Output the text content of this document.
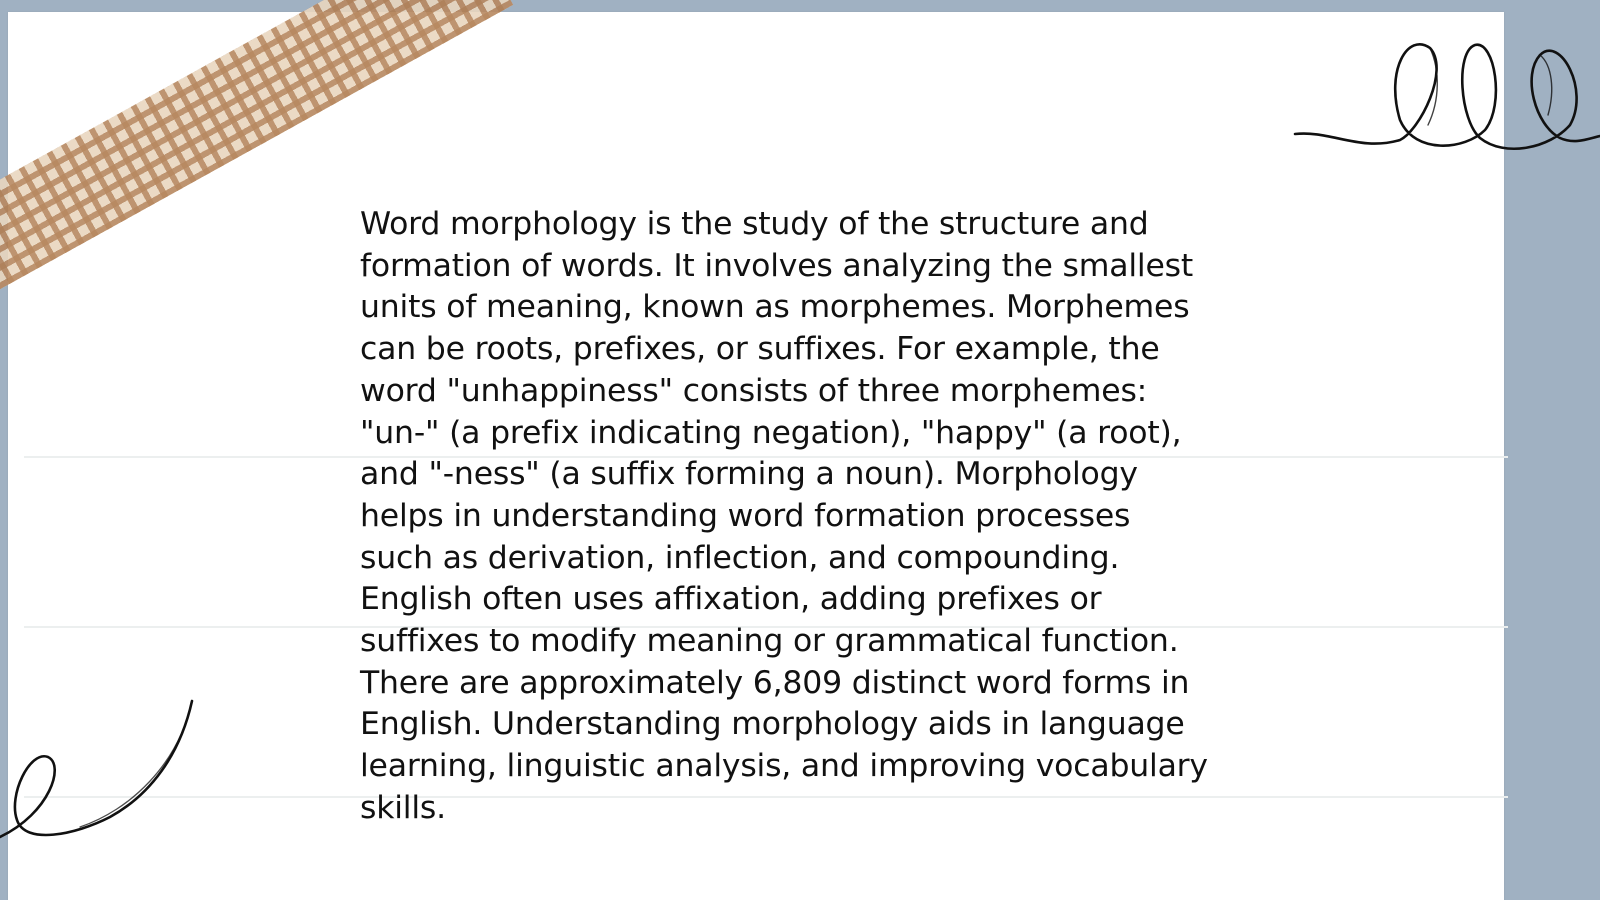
Word morphology is the study of the structure and
formation of words. It involves analyzing the smallest
units of meaning, known as morphemes. Morphemes
can be roots, prefixes, or suffixes. For example, the
word "unhappiness" consists of three morphemes:
"un-" (a prefix indicating negation), "happy" (a root),
and "-ness" (a suffix forming a noun). Morphology
helps in understanding word formation processes
such as derivation, inflection, and compounding.
English often uses affixation, adding prefixes or
suffixes to modify meaning or grammatical function.
There are approximately 6,809 distinct word forms in
English. Understanding morphology aids in language
learning, linguistic analysis, and improving vocabulary
skills.
